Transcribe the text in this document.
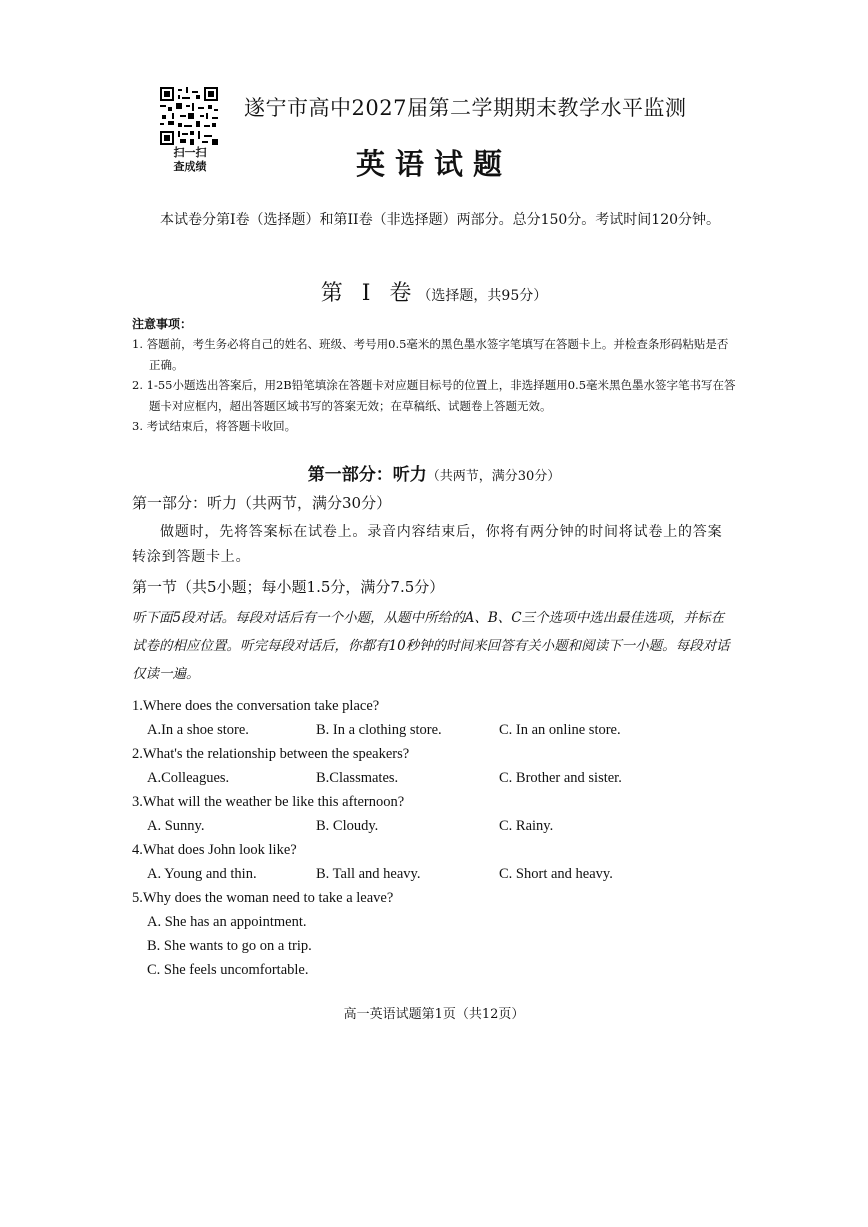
扫一扫
查成绩
遂宁市高中2027届第二学期期末教学水平监测
英语试题
本试卷分第I卷（选择题）和第II卷（非选择题）两部分。总分150分。考试时间120分钟。
第 I 卷（选择题，共95分）
注意事项：
1. 答题前，考生务必将自己的姓名、班级、考号用0.5毫米的黑色墨水签字笔填写在答题卡上。并检查条形码粘贴是否正确。
2. 1-55小题选出答案后，用2B铅笔填涂在答题卡对应题目标号的位置上，非选择题用0.5毫米黑色墨水签字笔书写在答题卡对应框内，超出答题区域书写的答案无效；在草稿纸、试题卷上答题无效。
3. 考试结束后，将答题卡收回。
第一部分：听力（共两节，满分30分）
第一部分：听力（共两节，满分30分）
做题时，先将答案标在试卷上。录音内容结束后，你将有两分钟的时间将试卷上的答案转涂到答题卡上。
第一节（共5小题；每小题1.5分，满分7.5分）
听下面5段对话。每段对话后有一个小题，从题中所给的A、B、C三个选项中选出最佳选项，并标在试卷的相应位置。听完每段对话后，你都有10秒钟的时间来回答有关小题和阅读下一小题。每段对话仅读一遍。
1.Where does the conversation take place?
A.In a shoe store.	B. In a clothing store.	C. In an online store.
2.What's the relationship between the speakers?
A.Colleagues.	B.Classmates.	C. Brother and sister.
3.What will the weather be like this afternoon?
A. Sunny.	B. Cloudy.	C. Rainy.
4.What does John look like?
A. Young and thin.	B. Tall and heavy.	C. Short and heavy.
5.Why does the woman need to take a leave?
A. She has an appointment.
B. She wants to go on a trip.
C. She feels uncomfortable.
高一英语试题第1页（共12页）
